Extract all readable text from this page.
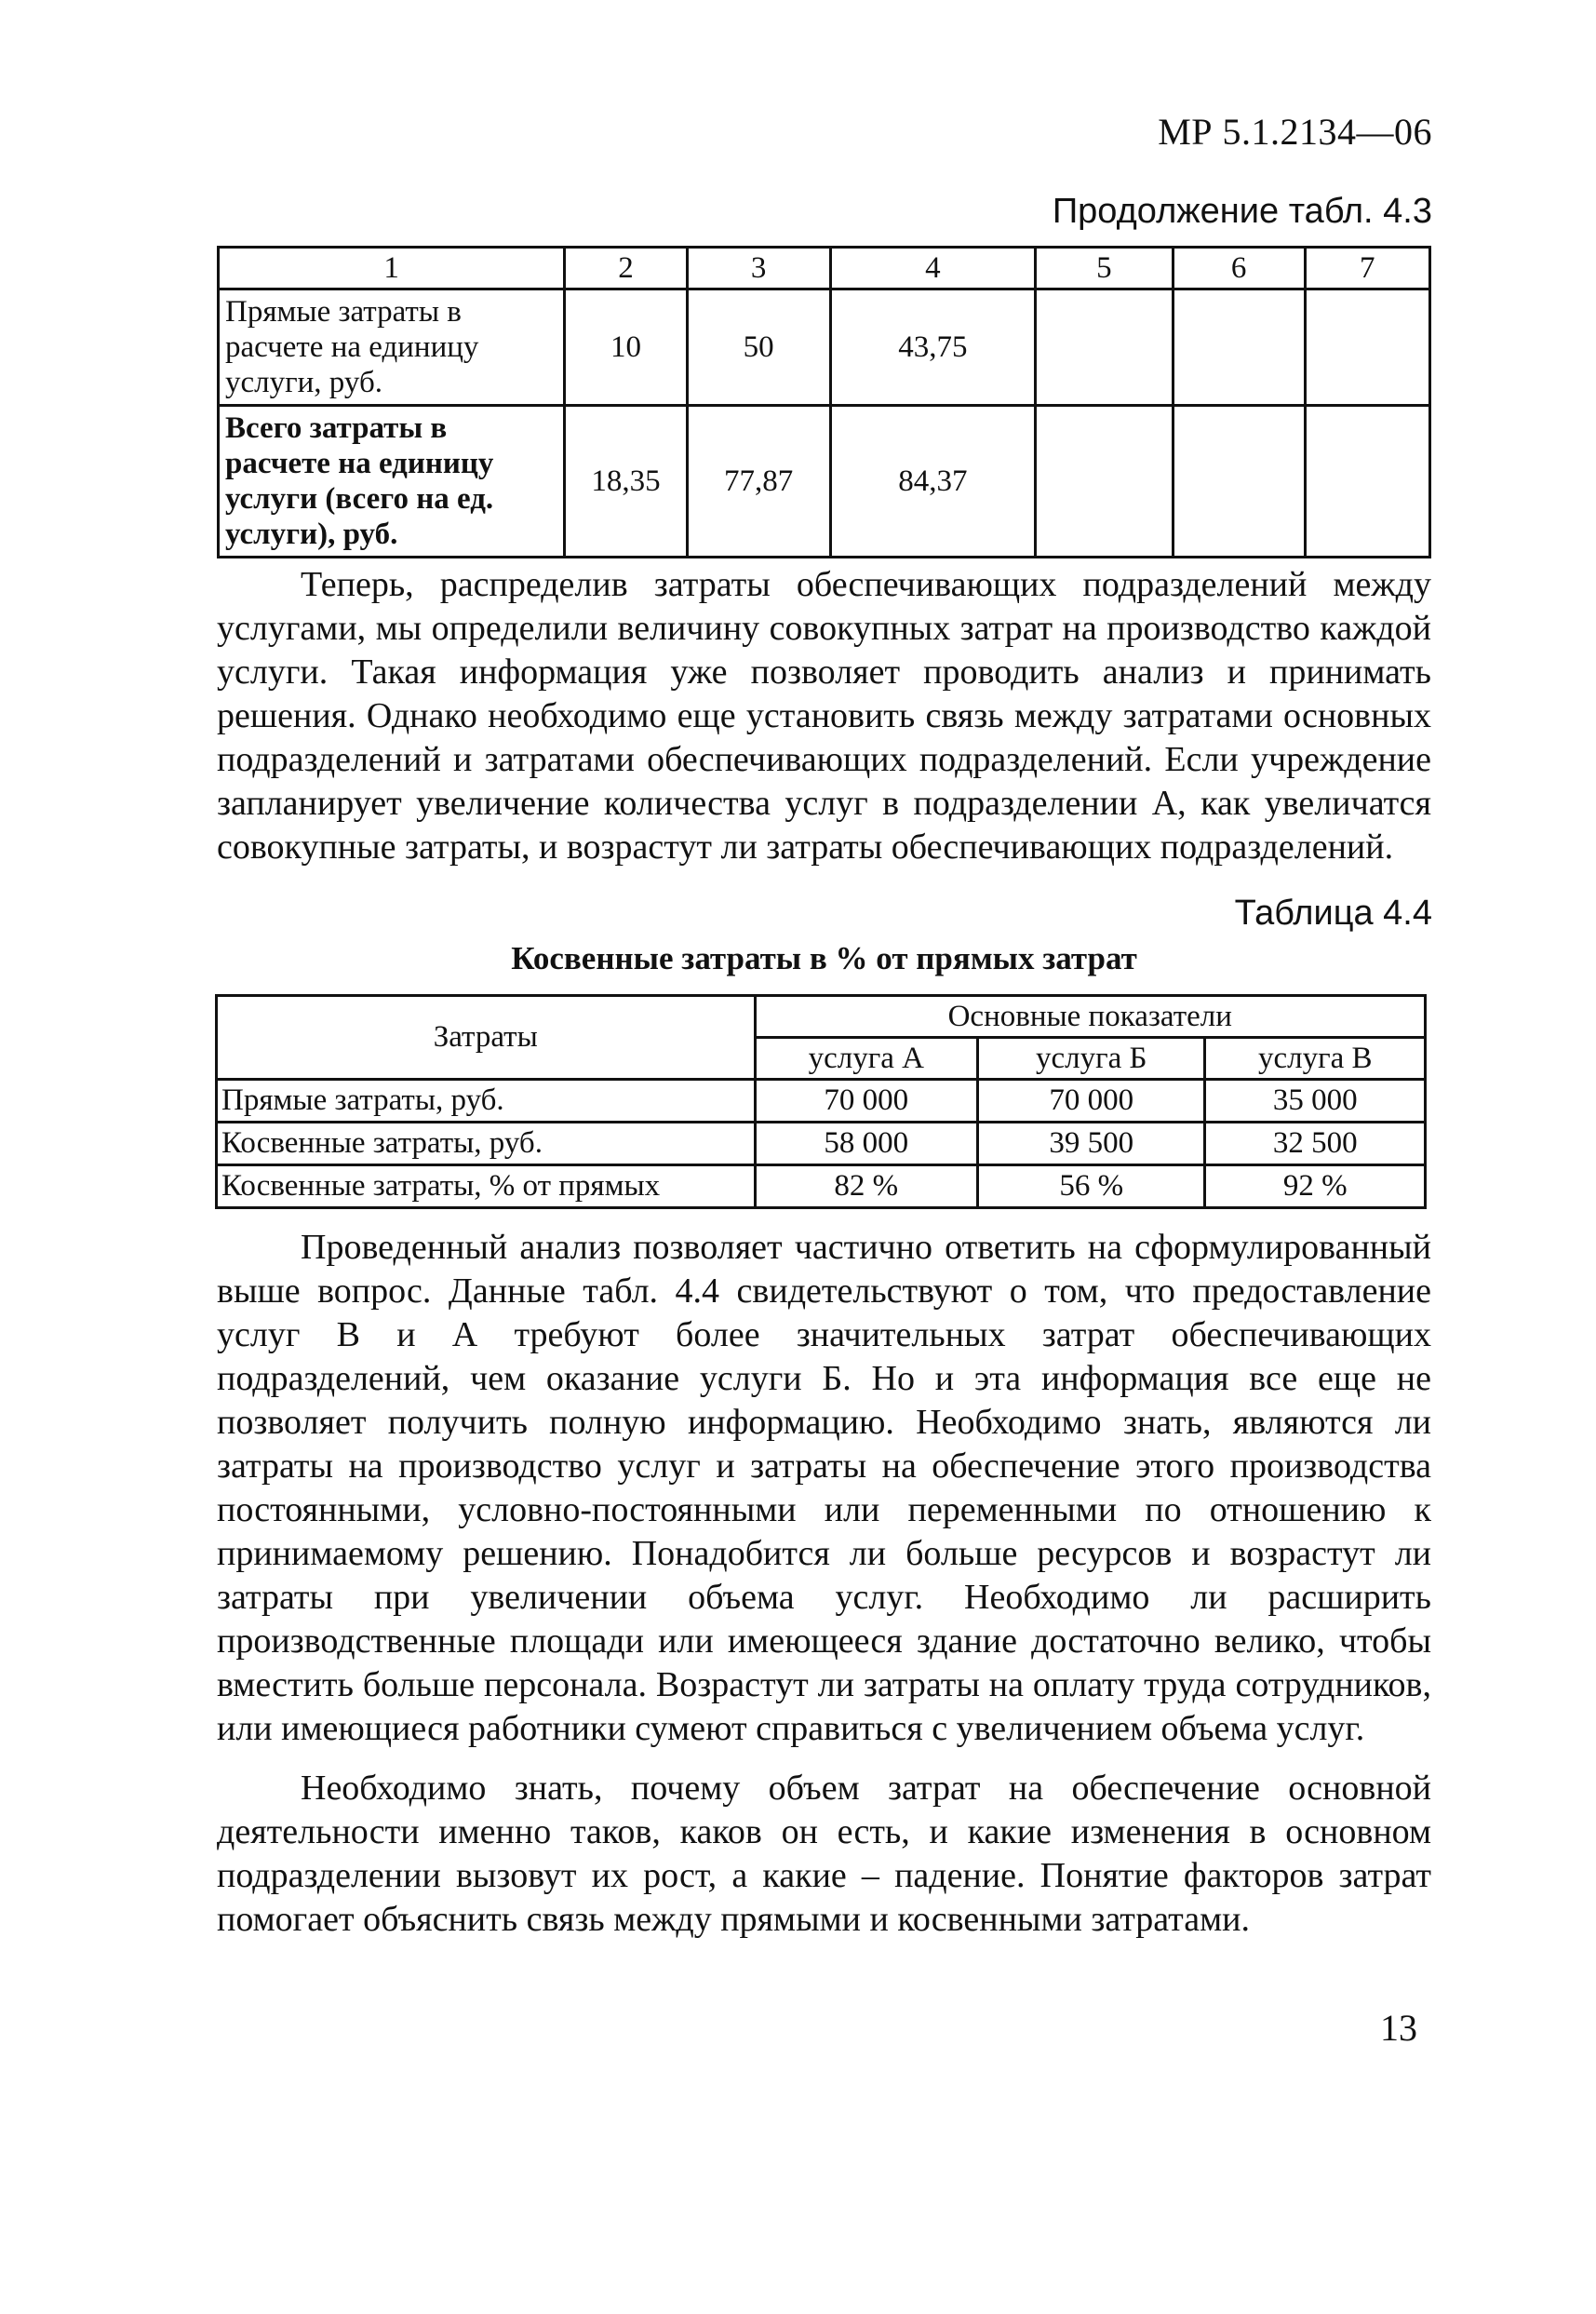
МР 5.1.2134—06
Продолжение табл. 4.3
1	2	3	4	5	6	7
Прямые затраты в расчете на единицу услуги, руб.	10	50	43,75			
Всего затраты в расчете на единицу услуги (всего на ед. услуги), руб.	18,35	77,87	84,37			

Теперь, распределив затраты обеспечивающих подразделений между услугами, мы определили величину совокупных затрат на производство каждой услуги. Такая информация уже позволяет проводить анализ и принимать решения. Однако необходимо еще установить связь между затратами основных подразделений и затратами обеспечивающих подразделений. Если учреждение запланирует увеличение количества услуг в подразделении А, как увеличатся совокупные затраты, и возрастут ли затраты обеспечивающих подразделений.

Таблица 4.4
Косвенные затраты в % от прямых затрат
Затраты	Основные показатели		
	услуга А	услуга Б	услуга В
Прямые затраты, руб.	70 000	70 000	35 000
Косвенные затраты, руб.	58 000	39 500	32 500
Косвенные затраты, % от прямых	82 %	56 %	92 %

Проведенный анализ позволяет частично ответить на сформулированный выше вопрос. Данные табл. 4.4 свидетельствуют о том, что предоставление услуг В и А требуют более значительных затрат обеспечивающих подразделений, чем оказание услуги Б. Но и эта информация все еще не позволяет получить полную информацию. Необходимо знать, являются ли затраты на производство услуг и затраты на обеспечение этого производства постоянными, условно-постоянными или переменными по отношению к принимаемому решению. Понадобится ли больше ресурсов и возрастут ли затраты при увеличении объема услуг. Необходимо ли расширить производственные площади или имеющееся здание достаточно велико, чтобы вместить больше персонала. Возрастут ли затраты на оплату труда сотрудников, или имеющиеся работники сумеют справиться с увеличением объема услуг.

Необходимо знать, почему объем затрат на обеспечение основной деятельности именно таков, каков он есть, и какие изменения в основном подразделении вызовут их рост, а какие – падение. Понятие факторов затрат помогает объяснить связь между прямыми и косвенными затратами.

13
